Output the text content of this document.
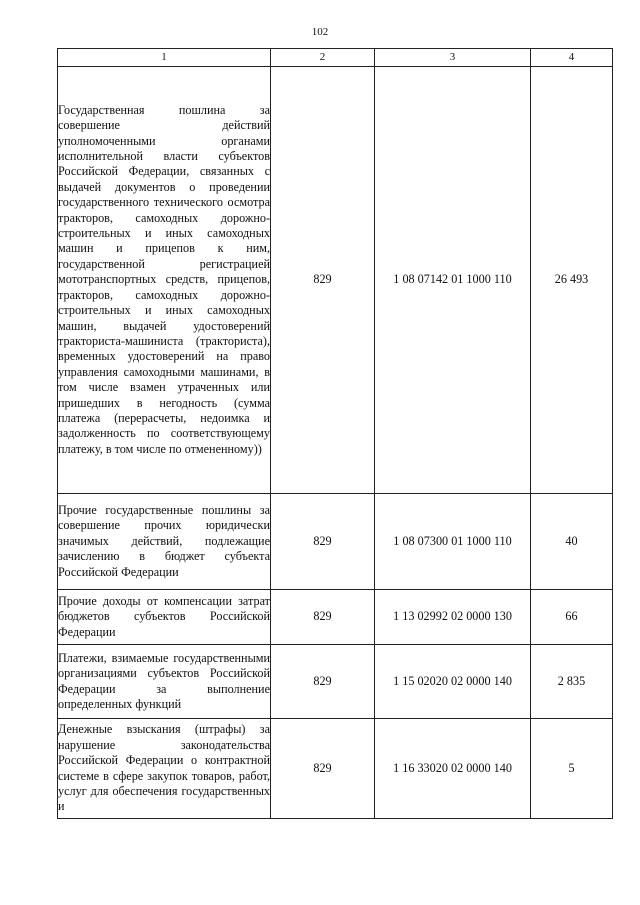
102
1	2	3	4
Государственная пошлина за совершение действий уполномоченными органами исполнительной власти субъектов Российской Федерации, связанных с выдачей документов о проведении государственного технического осмотра тракторов, самоходных дорожно-строительных и иных самоходных машин и прицепов к ним, государственной регистрацией мототранспортных средств, прицепов, тракторов, самоходных дорожно-строительных и иных самоходных машин, выдачей удостоверений тракториста-машиниста (тракториста), временных удостоверений на право управления самоходными машинами, в том числе взамен утраченных или пришедших в негодность (сумма платежа (перерасчеты, недоимка и задолженность по соответствующему платежу, в том числе по отмененному))	829	1 08 07142 01 1000 110	26 493
Прочие государственные пошлины за совершение прочих юридически значимых действий, подлежащие зачислению в бюджет субъекта Российской Федерации	829	1 08 07300 01 1000 110	40
Прочие доходы от компенсации затрат бюджетов субъектов Российской Федерации	829	1 13 02992 02 0000 130	66
Платежи, взимаемые государственными организациями субъектов Российской Федерации за выполнение определенных функций	829	1 15 02020 02 0000 140	2 835
Денежные взыскания (штрафы) за нарушение законодательства Российской Федерации о контрактной системе в сфере закупок товаров, работ, услуг для обеспечения государственных и	829	1 16 33020 02 0000 140	5
